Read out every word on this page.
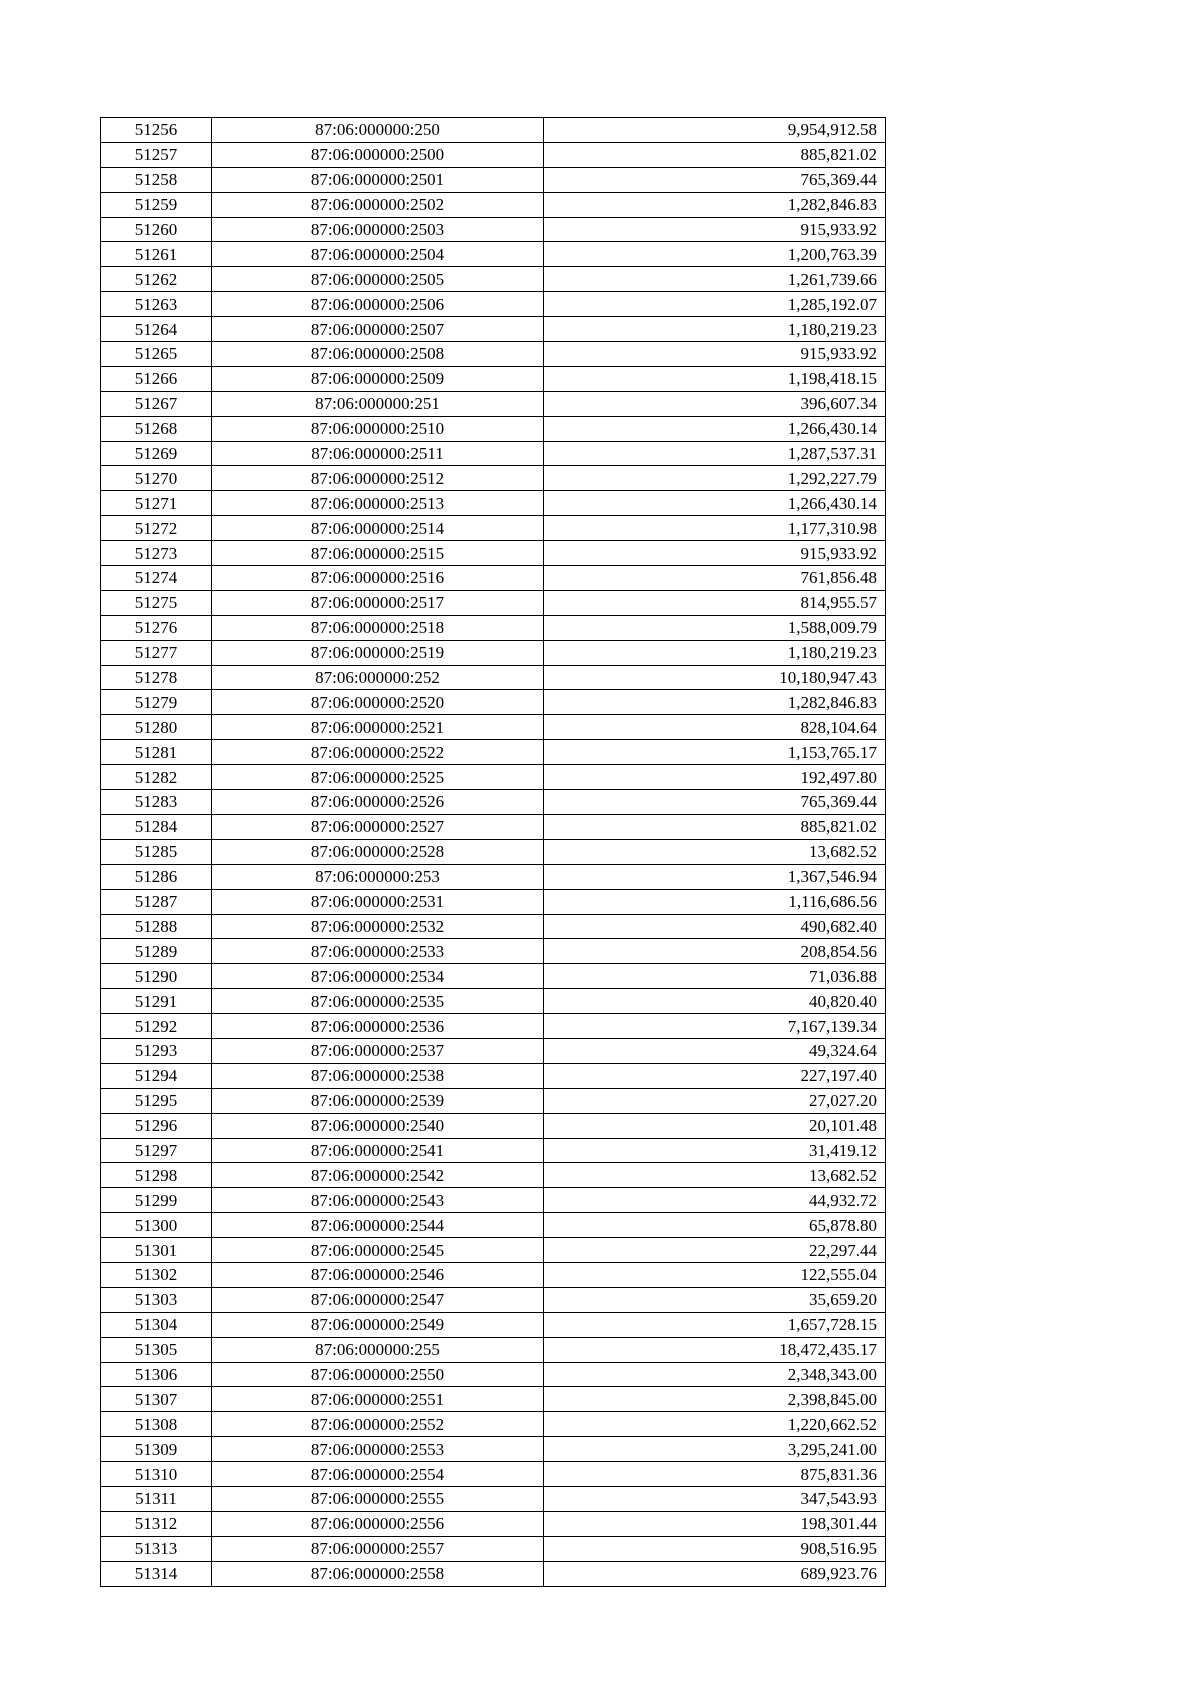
51256	87:06:000000:250	9,954,912.58
51257	87:06:000000:2500	885,821.02
51258	87:06:000000:2501	765,369.44
51259	87:06:000000:2502	1,282,846.83
51260	87:06:000000:2503	915,933.92
51261	87:06:000000:2504	1,200,763.39
51262	87:06:000000:2505	1,261,739.66
51263	87:06:000000:2506	1,285,192.07
51264	87:06:000000:2507	1,180,219.23
51265	87:06:000000:2508	915,933.92
51266	87:06:000000:2509	1,198,418.15
51267	87:06:000000:251	396,607.34
51268	87:06:000000:2510	1,266,430.14
51269	87:06:000000:2511	1,287,537.31
51270	87:06:000000:2512	1,292,227.79
51271	87:06:000000:2513	1,266,430.14
51272	87:06:000000:2514	1,177,310.98
51273	87:06:000000:2515	915,933.92
51274	87:06:000000:2516	761,856.48
51275	87:06:000000:2517	814,955.57
51276	87:06:000000:2518	1,588,009.79
51277	87:06:000000:2519	1,180,219.23
51278	87:06:000000:252	10,180,947.43
51279	87:06:000000:2520	1,282,846.83
51280	87:06:000000:2521	828,104.64
51281	87:06:000000:2522	1,153,765.17
51282	87:06:000000:2525	192,497.80
51283	87:06:000000:2526	765,369.44
51284	87:06:000000:2527	885,821.02
51285	87:06:000000:2528	13,682.52
51286	87:06:000000:253	1,367,546.94
51287	87:06:000000:2531	1,116,686.56
51288	87:06:000000:2532	490,682.40
51289	87:06:000000:2533	208,854.56
51290	87:06:000000:2534	71,036.88
51291	87:06:000000:2535	40,820.40
51292	87:06:000000:2536	7,167,139.34
51293	87:06:000000:2537	49,324.64
51294	87:06:000000:2538	227,197.40
51295	87:06:000000:2539	27,027.20
51296	87:06:000000:2540	20,101.48
51297	87:06:000000:2541	31,419.12
51298	87:06:000000:2542	13,682.52
51299	87:06:000000:2543	44,932.72
51300	87:06:000000:2544	65,878.80
51301	87:06:000000:2545	22,297.44
51302	87:06:000000:2546	122,555.04
51303	87:06:000000:2547	35,659.20
51304	87:06:000000:2549	1,657,728.15
51305	87:06:000000:255	18,472,435.17
51306	87:06:000000:2550	2,348,343.00
51307	87:06:000000:2551	2,398,845.00
51308	87:06:000000:2552	1,220,662.52
51309	87:06:000000:2553	3,295,241.00
51310	87:06:000000:2554	875,831.36
51311	87:06:000000:2555	347,543.93
51312	87:06:000000:2556	198,301.44
51313	87:06:000000:2557	908,516.95
51314	87:06:000000:2558	689,923.76
